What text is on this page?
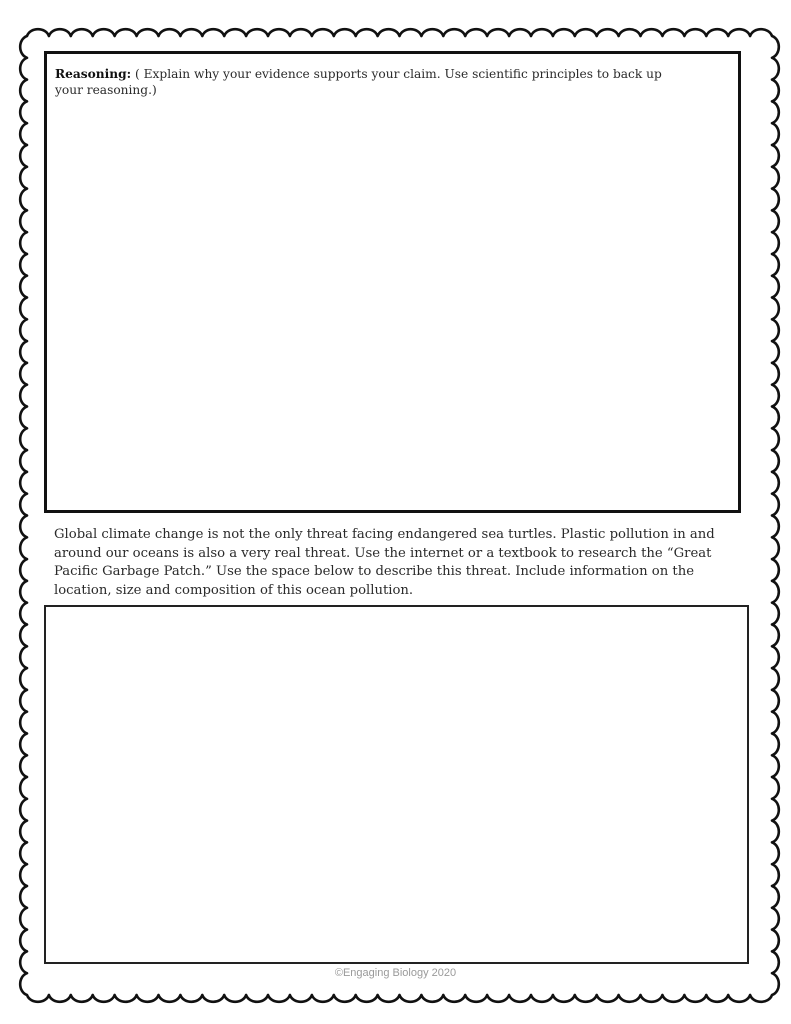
Reasoning: ( Explain why your evidence supports your claim. Use scientific principles to back up your reasoning.)
Global climate change is not the only threat facing endangered sea turtles. Plastic pollution in and around our oceans is also a very real threat. Use the internet or a textbook to research the “Great Pacific Garbage Patch.” Use the space below to describe this threat. Include information on the location, size and composition of this ocean pollution.
©Engaging Biology 2020
